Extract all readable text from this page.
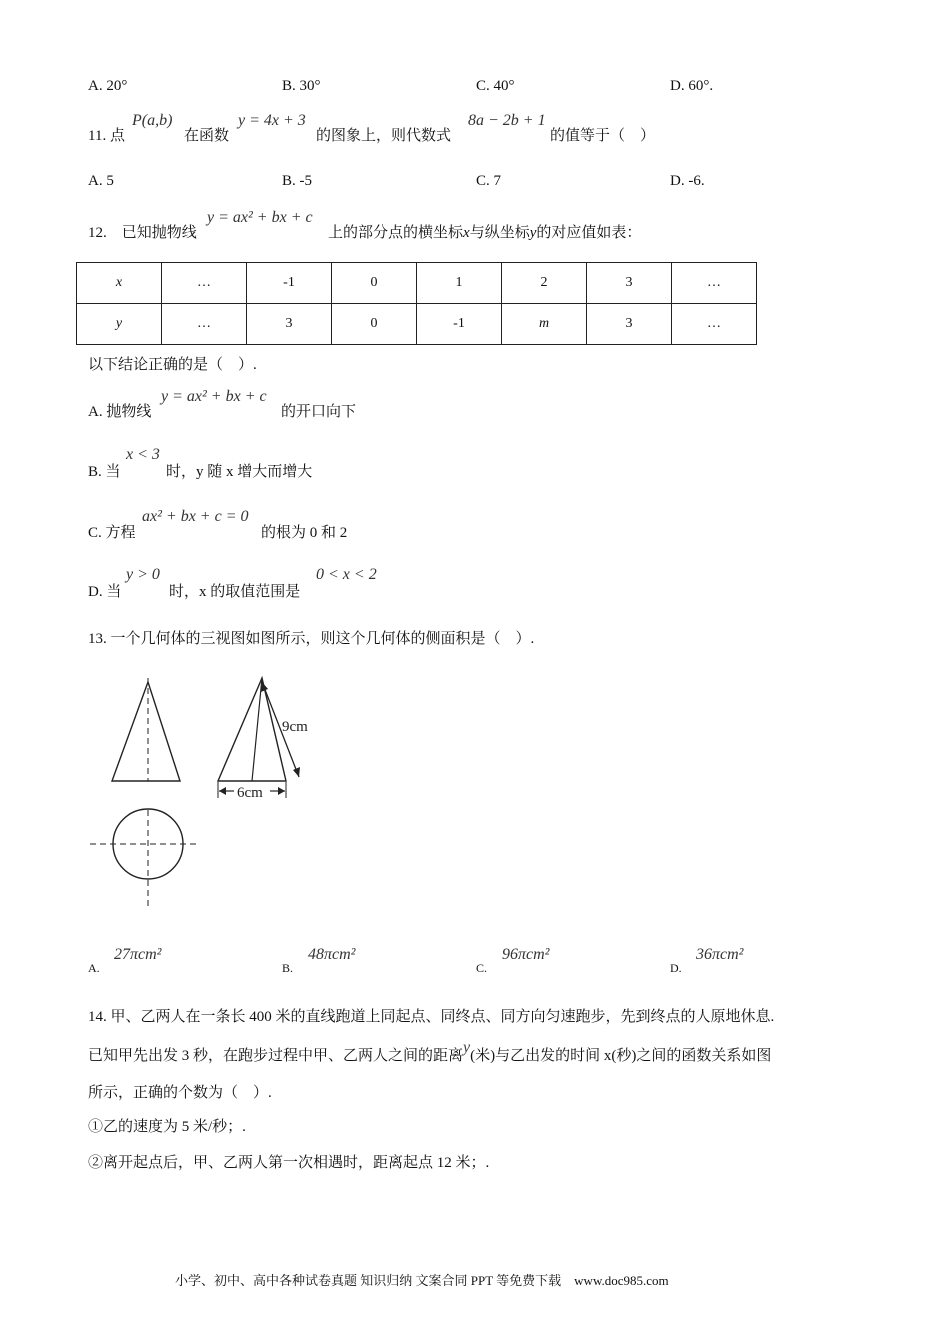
A. 20°	B. 30°	C. 40°	D. 60°.
11. 点
P(a,b)
在函数
y = 4x + 3
的图象上，则代数式
8a − 2b + 1
的值等于（　）
A. 5	B. -5	C. 7	D. -6.
12.　已知抛物线
y = ax² + bx + c
上的部分点的横坐标x与纵坐标y的对应值如表：
x	…	-1	0	1	2	3	…
y	…	3	0	-1	m	3	…
以下结论正确的是（　）.
A. 抛物线
y = ax² + bx + c
的开口向下
B. 当
x < 3
时，y 随 x 增大而增大
C. 方程
ax² + bx + c = 0
的根为 0 和 2
D. 当
y > 0
时，x 的取值范围是
0 < x < 2
13. 一个几何体的三视图如图所示，则这个几何体的侧面积是（　）.
9cm
6cm
A.
27πcm²
B.
48πcm²
C.
96πcm²
D.
36πcm²
14. 甲、乙两人在一条长 400 米的直线跑道上同起点、同终点、同方向匀速跑步，先到终点的人原地休息.
已知甲先出发 3 秒，在跑步过程中甲、乙两人之间的距离y(米)与乙出发的时间 x(秒)之间的函数关系如图
所示，正确的个数为（　）.
①乙的速度为 5 米/秒；.
②离开起点后，甲、乙两人第一次相遇时，距离起点 12 米；.
小学、初中、高中各种试卷真题 知识归纳 文案合同 PPT 等免费下载　www.doc985.com
